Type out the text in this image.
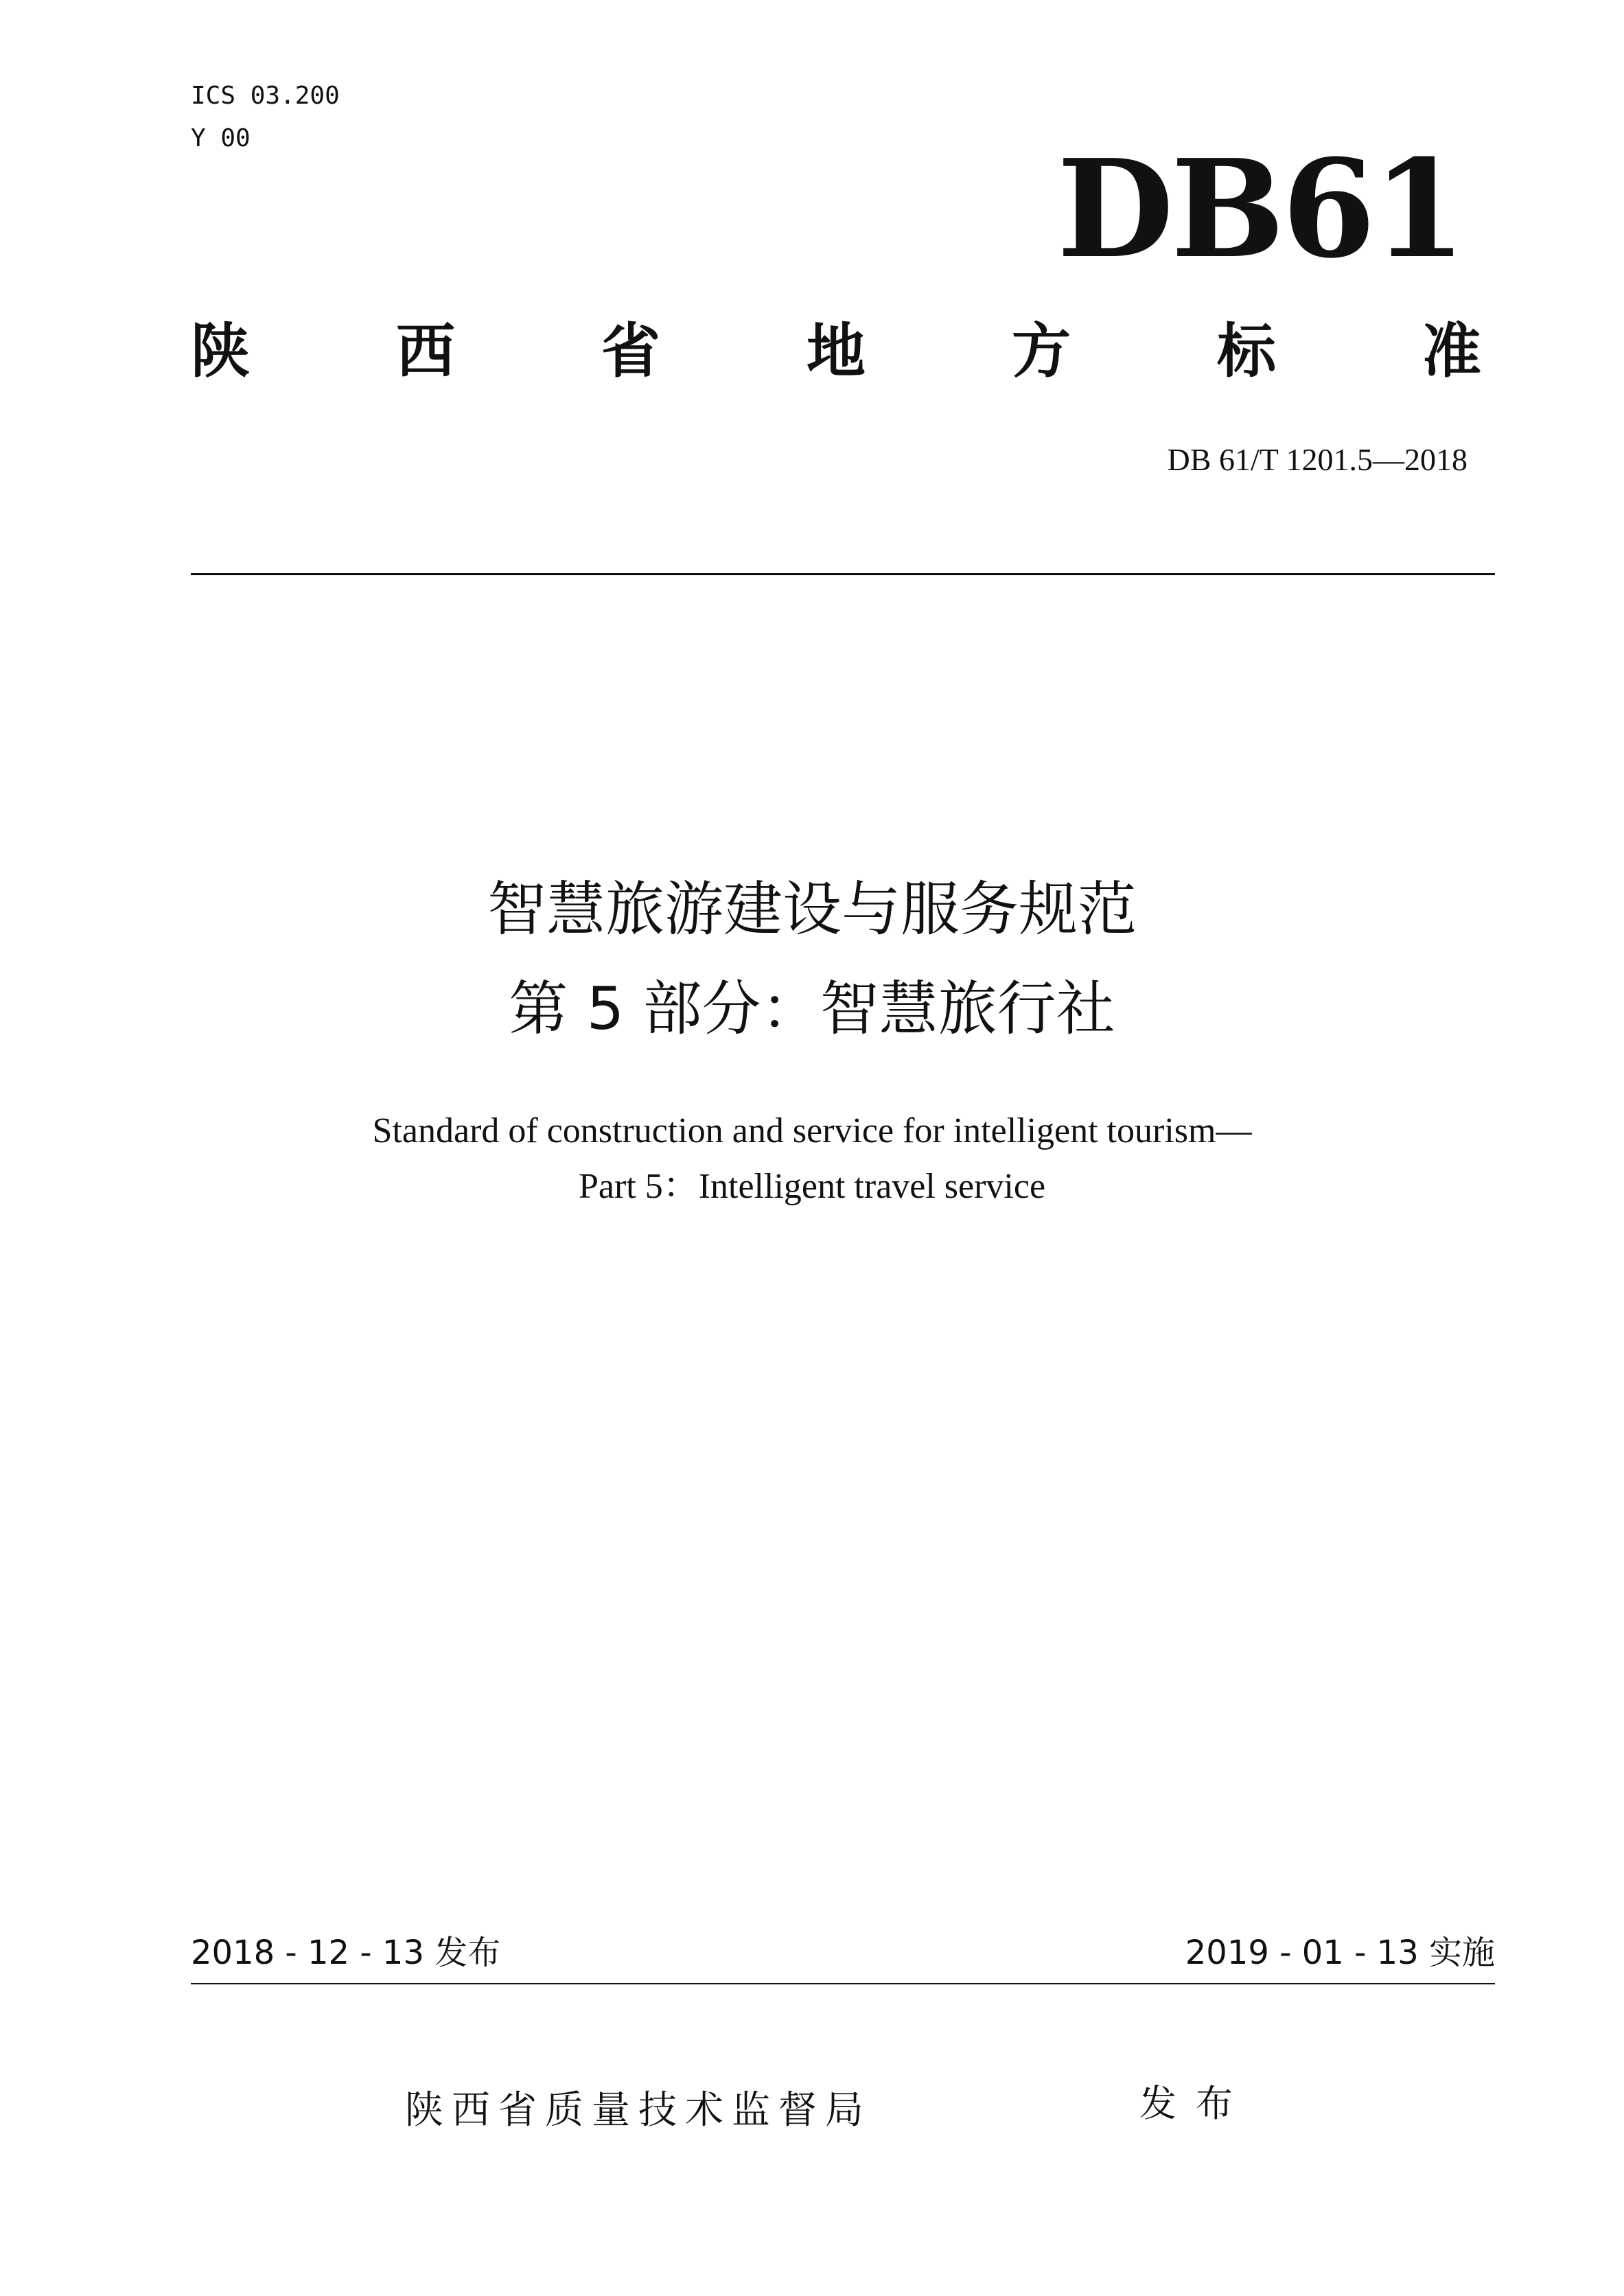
ICS 03.200
Y 00	DB61
陕 西 省 地 方 标 准
DB 61/T 1201.5—2018
智慧旅游建设与服务规范
第 5 部分：智慧旅行社
Standard of construction and service for intelligent tourism—
Part 5：Intelligent travel service
2018 - 12 - 13 发布	2019 - 01 - 13 实施
陕西省质量技术监督局	发布
